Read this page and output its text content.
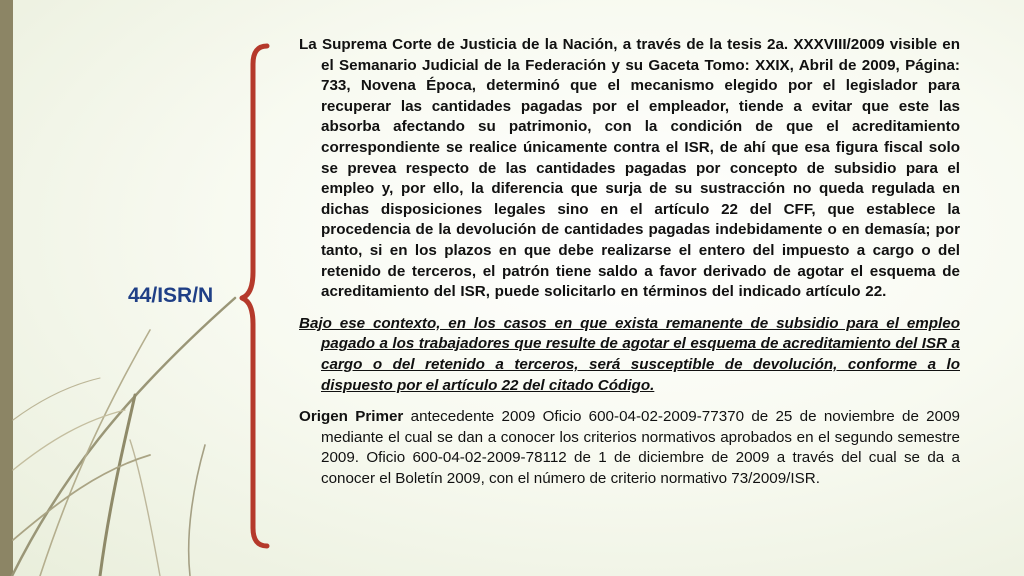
44/ISR/N

La Suprema Corte de Justicia de la Nación, a través de la tesis 2a. XXXVIII/2009 visible en el Semanario Judicial de la Federación y su Gaceta Tomo: XXIX, Abril de 2009, Página: 733, Novena Época, determinó que el mecanismo elegido por el legislador para recuperar las cantidades pagadas por el empleador, tiende a evitar que este las absorba afectando su patrimonio, con la condición de que el acreditamiento correspondiente se realice únicamente contra el ISR, de ahí que esa figura fiscal solo se prevea respecto de las cantidades pagadas por concepto de subsidio para el empleo y, por ello, la diferencia que surja de su sustracción no queda regulada en dichas disposiciones legales sino en el artículo 22 del CFF, que establece la procedencia de la devolución de cantidades pagadas indebidamente o en demasía; por tanto, si en los plazos en que debe realizarse el entero del impuesto a cargo o del retenido de terceros, el patrón tiene saldo a favor derivado de agotar el esquema de acreditamiento del ISR, puede solicitarlo en términos del indicado artículo 22.

Bajo ese contexto, en los casos en que exista remanente de subsidio para el empleo pagado a los trabajadores que resulte de agotar el esquema de acreditamiento del ISR a cargo o del retenido a terceros, será susceptible de devolución, conforme a lo dispuesto por el artículo 22 del citado Código.

Origen Primer antecedente 2009 Oficio 600-04-02-2009-77370 de 25 de noviembre de 2009 mediante el cual se dan a conocer los criterios normativos aprobados en el segundo semestre 2009. Oficio 600-04-02-2009-78112 de 1 de diciembre de 2009 a través del cual se da a conocer el Boletín 2009, con el número de criterio normativo 73/2009/ISR.
